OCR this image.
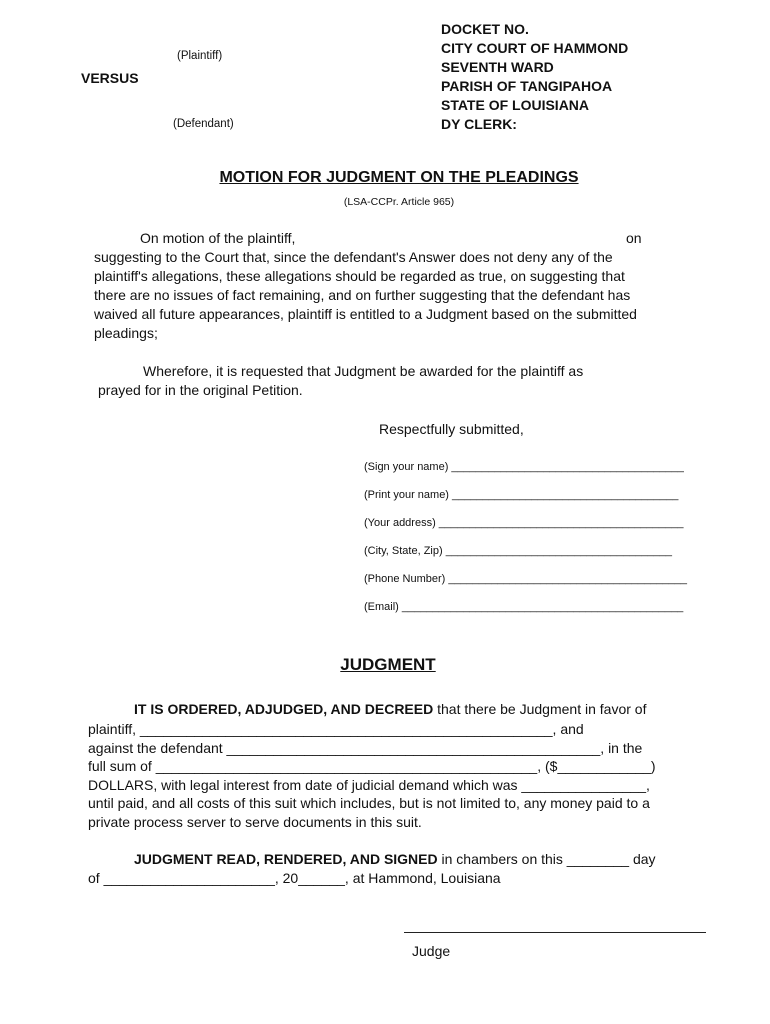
(Plaintiff)
VERSUS
(Defendant)
DOCKET NO.
CITY COURT OF HAMMOND
SEVENTH WARD
PARISH OF TANGIPAHOA
STATE OF LOUISIANA
DY CLERK:
MOTION FOR JUDGMENT ON THE PLEADINGS
(LSA-CCPr. Article 965)
On motion of the plaintiff,	on
suggesting to the Court that, since the defendant's Answer does not deny any of the
plaintiff's allegations, these allegations should be regarded as true, on suggesting that
there are no issues of fact remaining, and on further suggesting that the defendant has
waived all future appearances, plaintiff is entitled to a Judgment based on the submitted
pleadings;
Wherefore, it is requested that Judgment be awarded for the plaintiff as
prayed for in the original Petition.
Respectfully submitted,
(Sign your name) ______________________________________
(Print your name) _____________________________________
(Your address) ________________________________________
(City, State, Zip) _____________________________________
(Phone Number) _______________________________________
(Email) ______________________________________________
JUDGMENT
IT IS ORDERED, ADJUDGED, AND DECREED that there be Judgment in favor of
plaintiff, _____________________________________________________, and
against the defendant ________________________________________________, in the
full sum of _________________________________________________, ($____________)
DOLLARS, with legal interest from date of judicial demand which was ________________,
until paid, and all costs of this suit which includes, but is not limited to, any money paid to a
private process server to serve documents in this suit.
JUDGMENT READ, RENDERED, AND SIGNED in chambers on this ________ day
of ______________________, 20______, at Hammond, Louisiana
Judge
